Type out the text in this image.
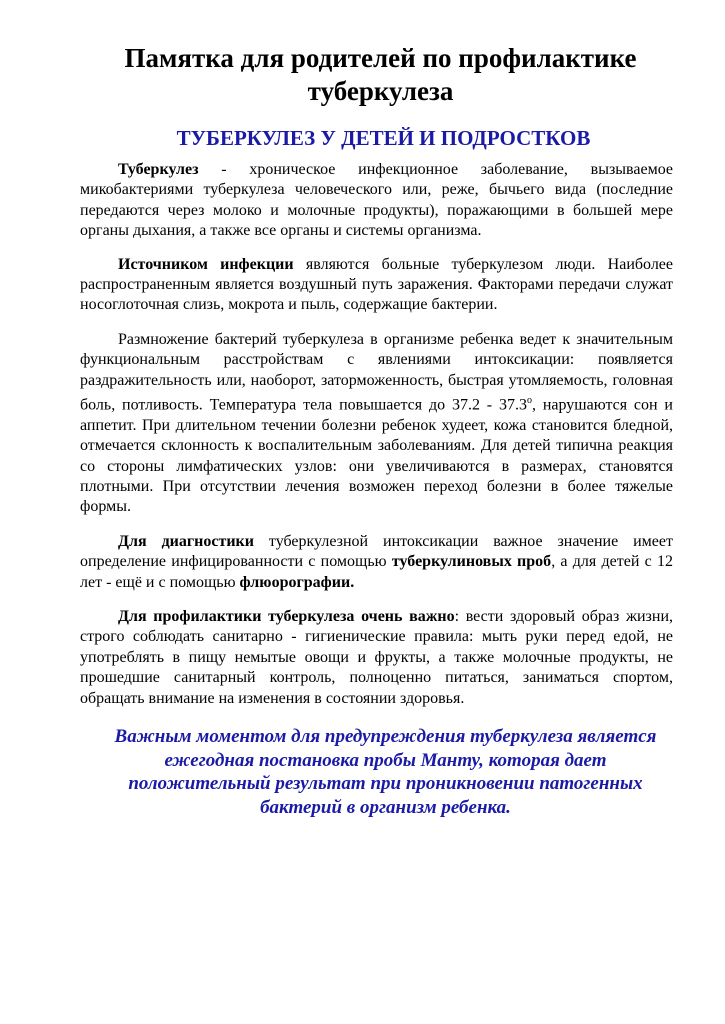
Памятка для родителей по профилактике туберкулеза
ТУБЕРКУЛЕЗ У ДЕТЕЙ И ПОДРОСТКОВ

Туберкулез - хроническое инфекционное заболевание, вызываемое микобактериями туберкулеза человеческого или, реже, бычьего вида (последние передаются через молоко и молочные продукты), поражающими в большей мере органы дыхания, а также все органы и системы организма.

Источником инфекции являются больные туберкулезом люди. Наиболее распространенным является воздушный путь заражения. Факторами передачи служат носоглоточная слизь, мокрота и пыль, содержащие бактерии.

Размножение бактерий туберкулеза в организме ребенка ведет к значительным функциональным расстройствам с явлениями интоксикации: появляется раздражительность или, наоборот, заторможенность, быстрая утомляемость, головная боль, потливость. Температура тела повышается до $37.2 - 37.3^о$, нарушаются сон и аппетит. При длительном течении болезни ребенок худеет, кожа становится бледной, отмечается склонность к воспалительным заболеваниям. Для детей типична реакция со стороны лимфатических узлов: они увеличиваются в размерах, становятся плотными. При отсутствии лечения возможен переход болезни в более тяжелые формы.

Для диагностики туберкулезной интоксикации важное значение имеет определение инфицированности с помощью туберкулиновых проб, а для детей с 12 лет - ещё и с помощью флюорографии.

Для профилактики туберкулеза очень важно: вести здоровый образ жизни, строго соблюдать санитарно - гигиенические правила: мыть руки перед едой, не употреблять в пищу немытые овощи и фрукты, а также молочные продукты, не прошедшие санитарный контроль, полноценно питаться, заниматься спортом, обращать внимание на изменения в состоянии здоровья.

Важным моментом для предупреждения туберкулеза является ежегодная постановка пробы Манту, которая дает положительный результат при проникновении патогенных бактерий в организм ребенка.
